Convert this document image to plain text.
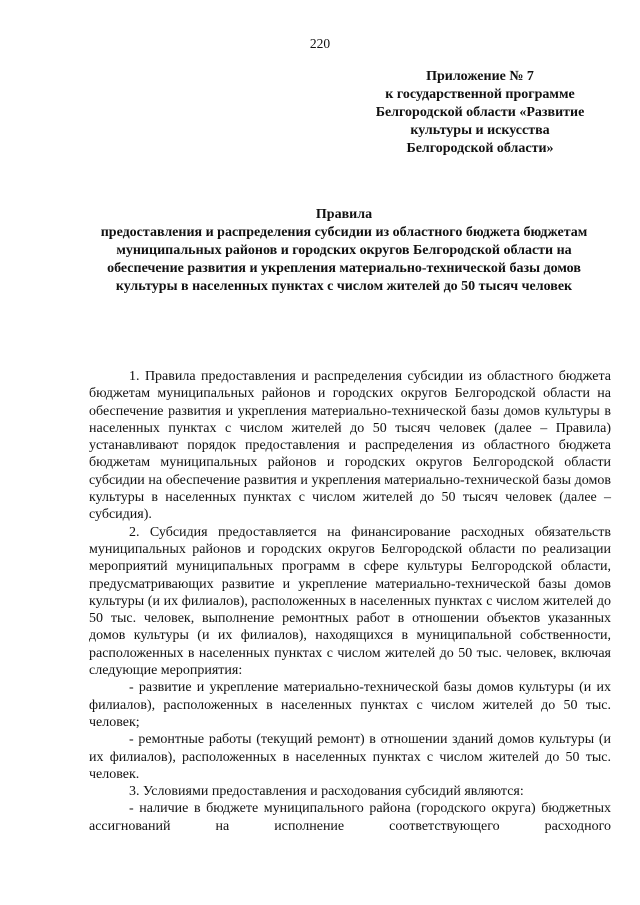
220
Приложение № 7
к государственной программе
Белгородской области «Развитие
культуры и искусства
Белгородской области»
Правила
предоставления и распределения субсидии из областного бюджета бюджетам муниципальных районов и городских округов Белгородской области на обеспечение развития и укрепления материально-технической базы домов культуры в населенных пунктах с числом жителей до 50 тысяч человек

1. Правила предоставления и распределения субсидии из областного бюджета бюджетам муниципальных районов и городских округов Белгородской области на обеспечение развития и укрепления материально-технической базы домов культуры в населенных пунктах с числом жителей до 50 тысяч человек (далее – Правила) устанавливают порядок предоставления и распределения из областного бюджета бюджетам муниципальных районов и городских округов Белгородской области субсидии на обеспечение развития и укрепления материально-технической базы домов культуры в населенных пунктах с числом жителей до 50 тысяч человек (далее – субсидия).

2. Субсидия предоставляется на финансирование расходных обязательств муниципальных районов и городских округов Белгородской области по реализации мероприятий муниципальных программ в сфере культуры Белгородской области, предусматривающих развитие и укрепление материально-технической базы домов культуры (и их филиалов), расположенных в населенных пунктах с числом жителей до 50 тыс. человек, выполнение ремонтных работ в отношении объектов указанных домов культуры (и их филиалов), находящихся в муниципальной собственности, расположенных в населенных пунктах с числом жителей до 50 тыс. человек, включая следующие мероприятия:

- развитие и укрепление материально-технической базы домов культуры (и их филиалов), расположенных в населенных пунктах с числом жителей до 50 тыс. человек;

- ремонтные работы (текущий ремонт) в отношении зданий домов культуры (и их филиалов), расположенных в населенных пунктах с числом жителей до 50 тыс. человек.

3. Условиями предоставления и расходования субсидий являются:

- наличие в бюджете муниципального района (городского округа) бюджетных ассигнований на исполнение соответствующего расходного
